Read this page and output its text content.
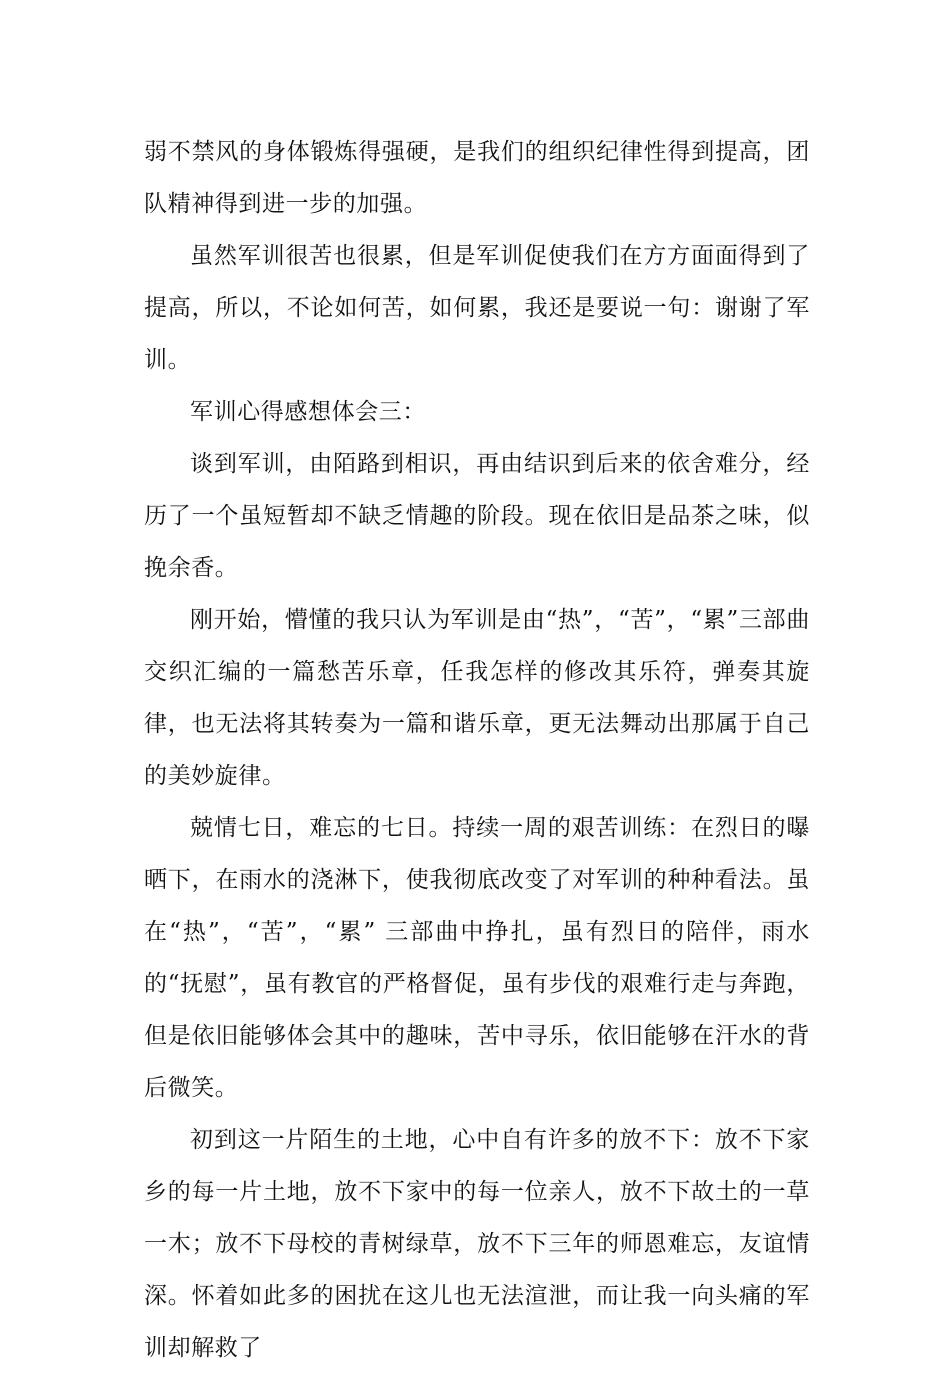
弱不禁风的身体锻炼得强硬，是我们的组织纪律性得到提高，团队精神得到进一步的加强。

虽然军训很苦也很累，但是军训促使我们在方方面面得到了提高，所以，不论如何苦，如何累，我还是要说一句：谢谢了军训。

军训心得感想体会三：

谈到军训，由陌路到相识，再由结识到后来的依舍难分，经历了一个虽短暂却不缺乏情趣的阶段。现在依旧是品茶之味，似挽余香。

刚开始，懵懂的我只认为军训是由“热”，“苦”，“累”三部曲交织汇编的一篇愁苦乐章，任我怎样的修改其乐符，弹奏其旋律，也无法将其转奏为一篇和谐乐章，更无法舞动出那属于自己的美妙旋律。

兢情七日，难忘的七日。持续一周的艰苦训练：在烈日的曝晒下，在雨水的浇淋下，使我彻底改变了对军训的种种看法。虽在“热”，“苦”，“累” 三部曲中挣扎，虽有烈日的陪伴，雨水的“抚慰”，虽有教官的严格督促，虽有步伐的艰难行走与奔跑，但是依旧能够体会其中的趣味，苦中寻乐，依旧能够在汗水的背后微笑。

初到这一片陌生的土地，心中自有许多的放不下：放不下家乡的每一片土地，放不下家中的每一位亲人，放不下故土的一草一木；放不下母校的青树绿草，放不下三年的师恩难忘，友谊情深。怀着如此多的困扰在这儿也无法渲泄，而让我一向头痛的军训却解救了
